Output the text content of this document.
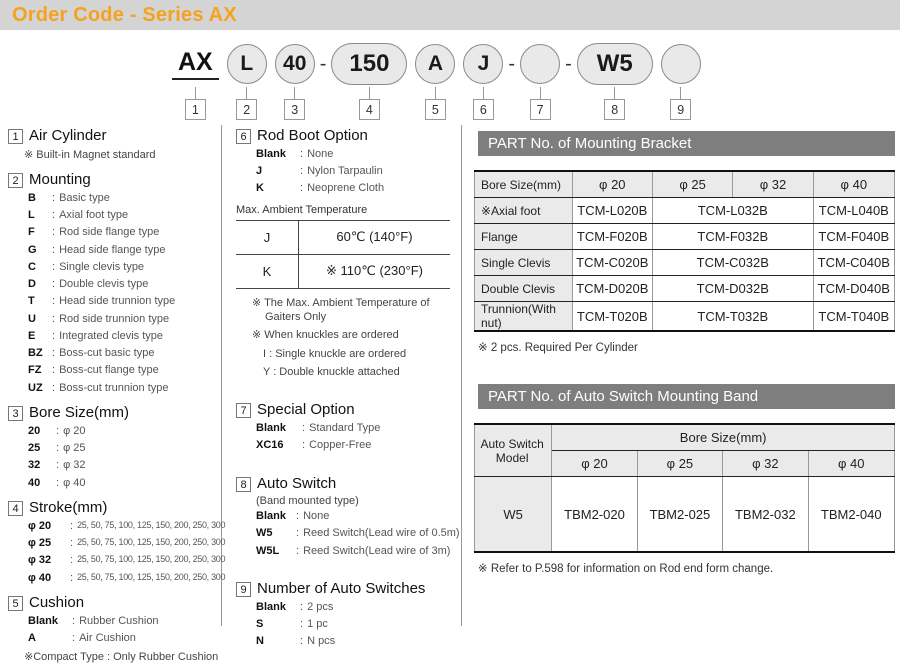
Order Code - Series AX
AX
1
L
2
40
3
- 150
4
A
5
J
6
-
7
-	W5
8	9
1 Air Cylinder
※ Built-in Magnet standard
2 Mounting
B	: Basic type
L	: Axial foot type
F	: Rod side flange type
G	: Head side flange type
C	: Single clevis type
D	: Double clevis type
T	: Head side trunnion type
U	: Rod side trunnion type
E	: Integrated clevis type
BZ : Boss-cut basic type
FZ : Boss-cut flange type
UZ : Boss-cut trunnion type
3 Bore Size(mm)
20	: φ 20
25	: φ 25
32	: φ 32
40	: φ 40
4 Stroke(mm)
φ 20	: 25, 50, 75, 100, 125, 150, 200, 250, 300
φ 25	: 25, 50, 75, 100, 125, 150, 200, 250, 300
φ 32	: 25, 50, 75, 100, 125, 150, 200, 250, 300
φ 40	: 25, 50, 75, 100, 125, 150, 200, 250, 300
5 Cushion
Blank	: Rubber Cushion
A	: Air Cushion
※Compact Type : Only Rubber Cushion
6 Rod Boot Option
Blank	: None
J	: Nylon Tarpaulin
K	: Neoprene Cloth
Max. Ambient Temperature
J	60℃ (140°F)
K	※ 110℃ (230°F)
※ The Max. Ambient Temperature of Gaiters Only
※ When knuckles are ordered
I : Single knuckle are ordered
Y : Double knuckle attached
7 Special Option
Blank	: Standard Type
XC16	: Copper-Free
8 Auto Switch
(Band mounted type)
Blank : None
W5	: Reed Switch(Lead wire of 0.5m)
W5L	: Reed Switch(Lead wire of 3m)
9 Number of Auto Switches
Blank	: 2 pcs
S	: 1 pc
N	: N pcs
PART No. of Mounting Bracket
Bore Size(mm)	φ 20	φ 25	φ 32	φ 40
※Axial foot	TCM-L020B	TCM-L032B		TCM-L040B
Flange	TCM-F020B	TCM-F032B		TCM-F040B
Single Clevis	TCM-C020B	TCM-C032B		TCM-C040B
Double Clevis	TCM-D020B	TCM-D032B		TCM-D040B
Trunnion(With nut)	TCM-T020B	TCM-T032B		TCM-T040B
※ 2 pcs. Required Per Cylinder
PART No. of Auto Switch Mounting Band
Auto Switch Model	Bore Size(mm)			
	φ 20	φ 25	φ 32	φ 40
W5	TBM2-020	TBM2-025	TBM2-032	TBM2-040
※ Refer to P.598 for information on Rod end form change.
